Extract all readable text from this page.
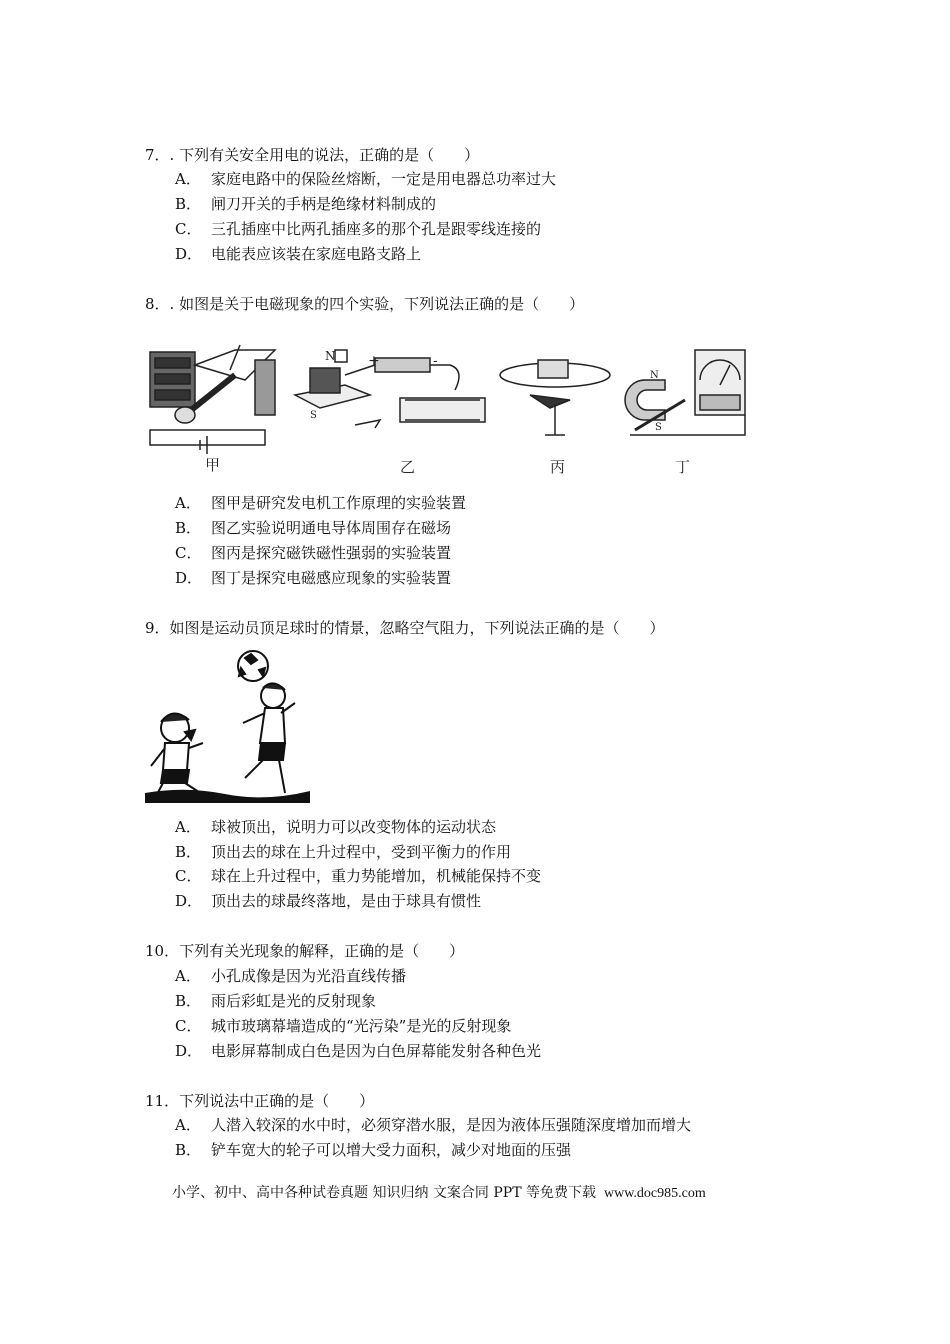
7．. 下列有关安全用电的说法，正确的是（　　）
A． 家庭电路中的保险丝熔断，一定是用电器总功率过大
B． 闸刀开关的手柄是绝缘材料制成的
C． 三孔插座中比两孔插座多的那个孔是跟零线连接的
D． 电能表应该装在家庭电路支路上
8．. 如图是关于电磁现象的四个实验，下列说法正确的是（　　）
N +	-
S
N
S
甲	乙	丙	丁
A． 图甲是研究发电机工作原理的实验装置
B． 图乙实验说明通电导体周围存在磁场
C． 图丙是探究磁铁磁性强弱的实验装置
D． 图丁是探究电磁感应现象的实验装置
9．如图是运动员顶足球时的情景，忽略空气阻力，下列说法正确的是（　　）
A． 球被顶出，说明力可以改变物体的运动状态
B． 顶出去的球在上升过程中，受到平衡力的作用
C． 球在上升过程中，重力势能增加，机械能保持不变
D． 顶出去的球最终落地，是由于球具有惯性
10．下列有关光现象的解释，正确的是（　　）
A． 小孔成像是因为光沿直线传播
B． 雨后彩虹是光的反射现象
C． 城市玻璃幕墙造成的“光污染”是光的反射现象
D． 电影屏幕制成白色是因为白色屏幕能发射各种色光
11．下列说法中正确的是（　　）
A． 人潜入较深的水中时，必须穿潜水服，是因为液体压强随深度增加而增大
B． 铲车宽大的轮子可以增大受力面积，减少对地面的压强
小学、初中、高中各种试卷真题 知识归纳 文案合同 PPT 等免费下载 www.doc985.com
